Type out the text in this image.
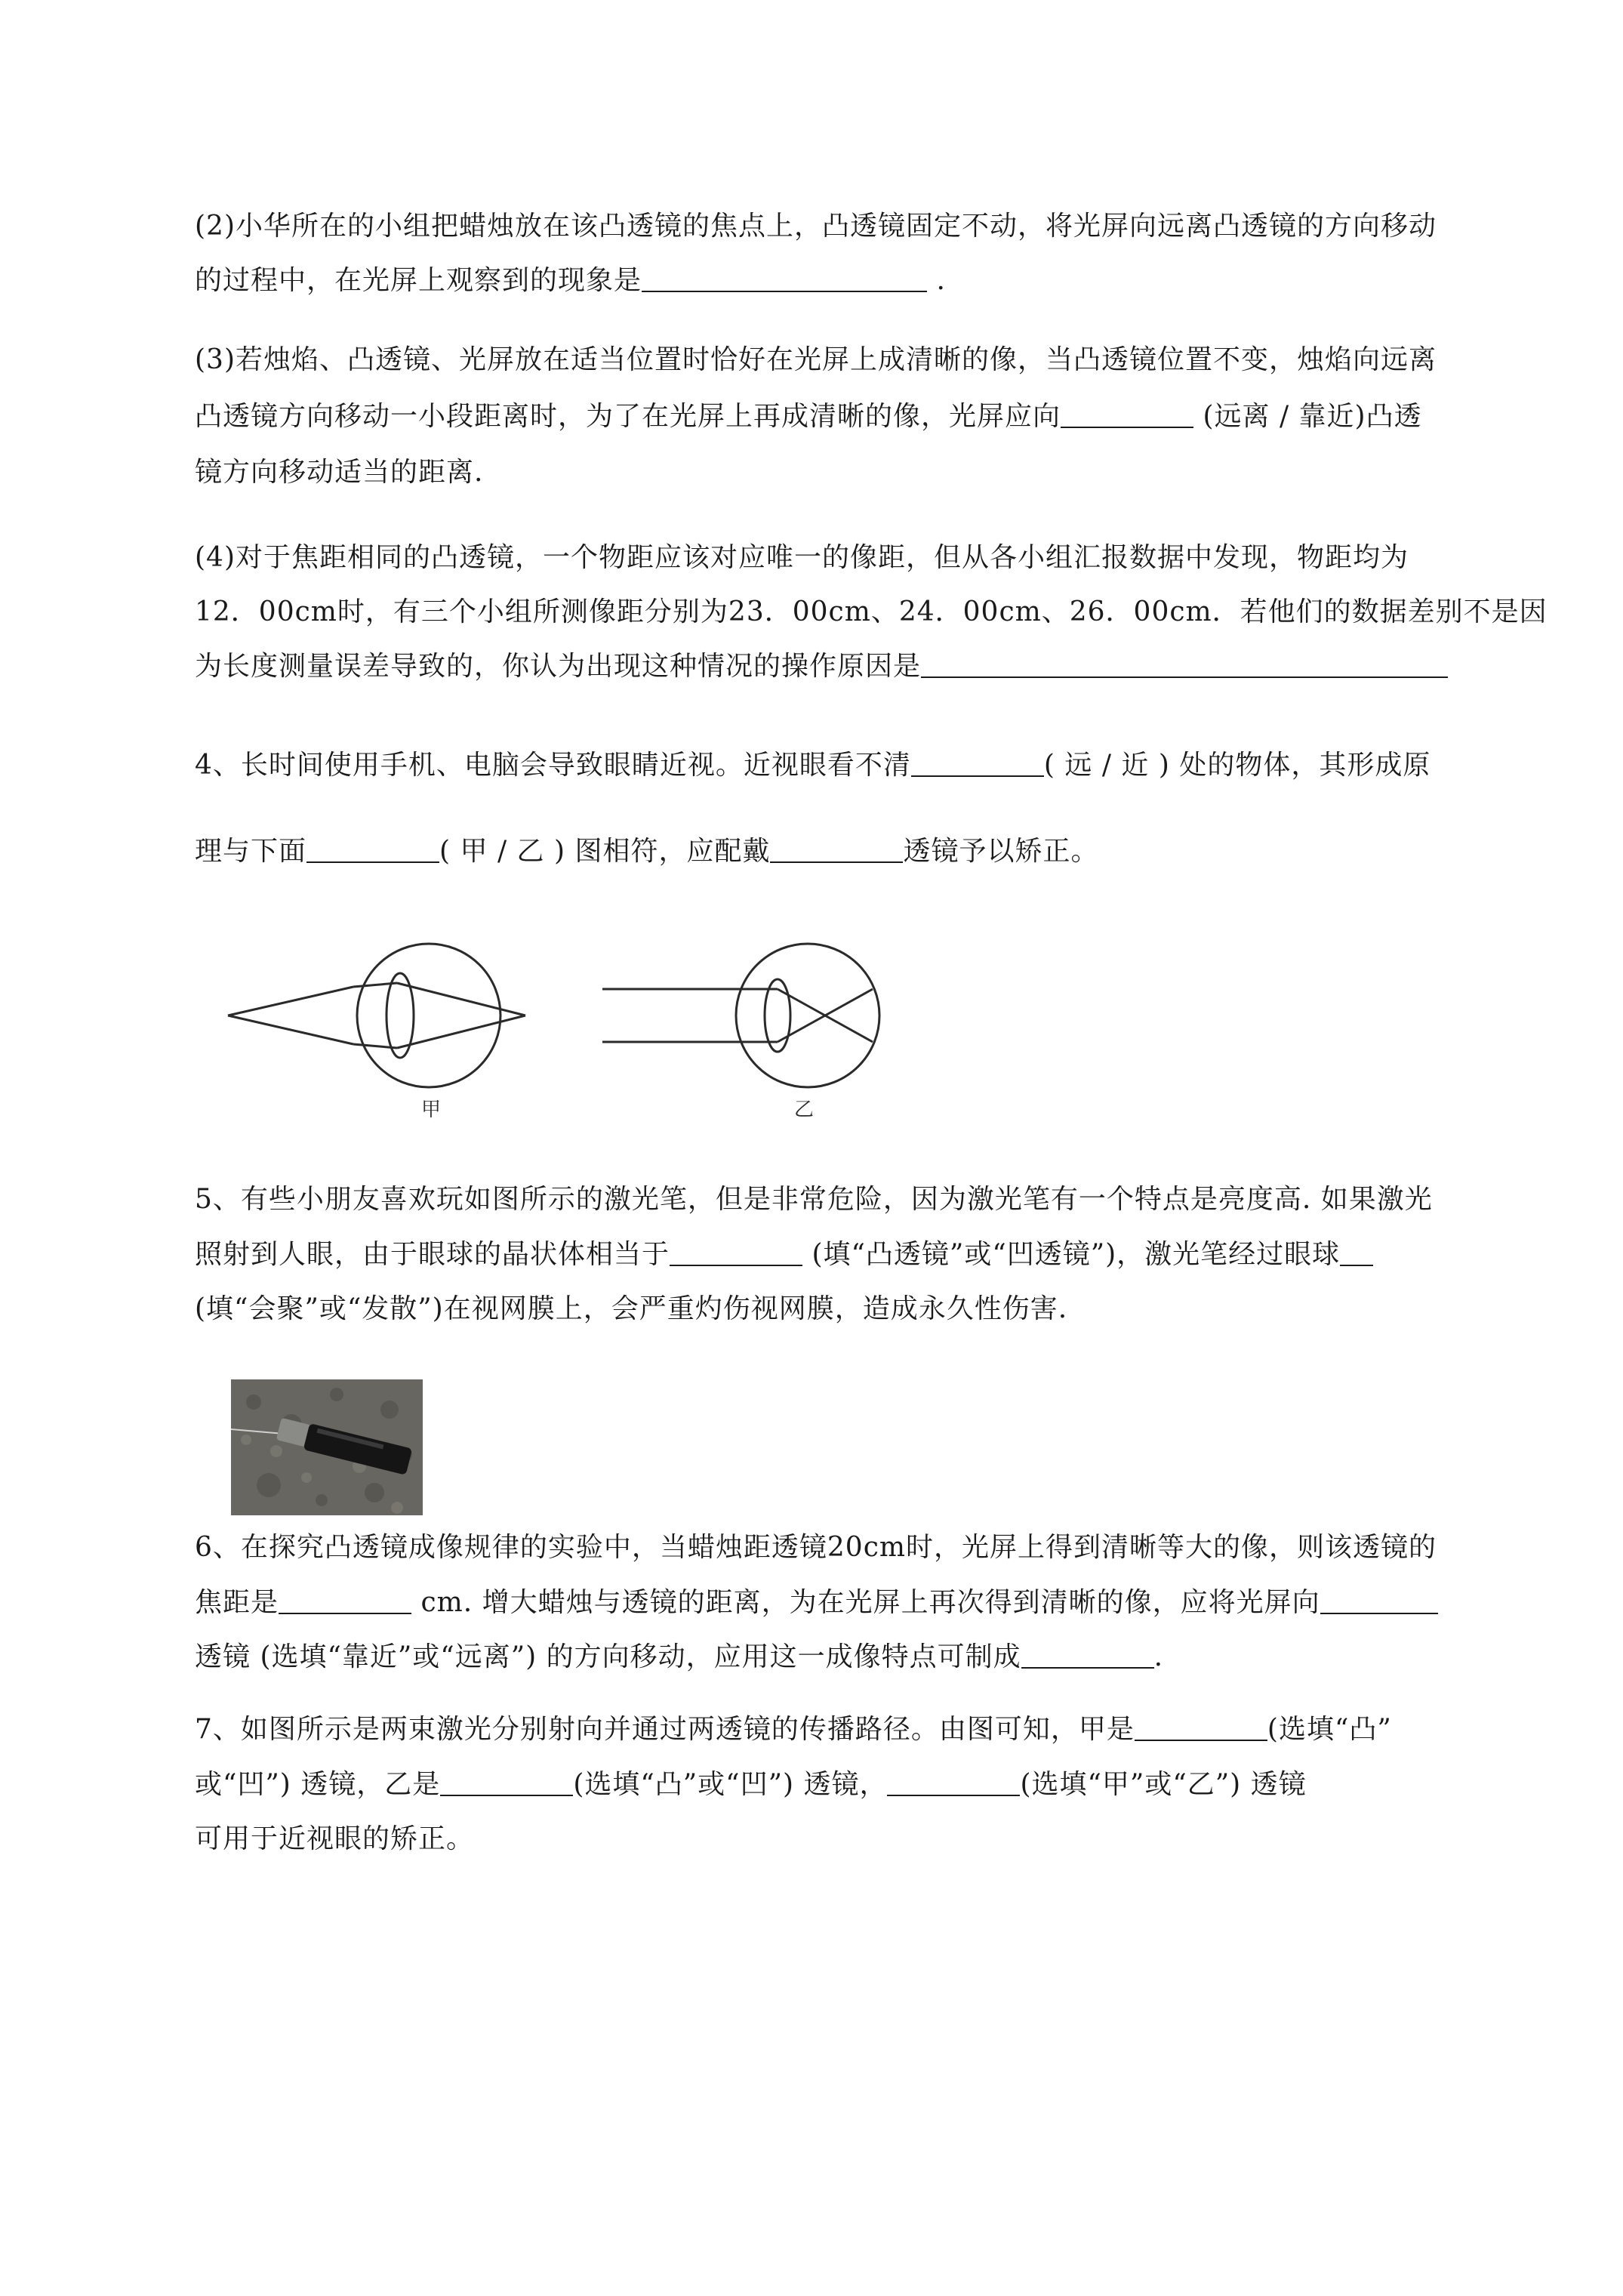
(2)小华所在的小组把蜡烛放在该凸透镜的焦点上，凸透镜固定不动，将光屏向远离凸透镜的方向移动
的过程中，在光屏上观察到的现象是	.
(3)若烛焰、凸透镜、光屏放在适当位置时恰好在光屏上成清晰的像，当凸透镜位置不变，烛焰向远离
凸透镜方向移动一小段距离时，为了在光屏上再成清晰的像，光屏应向	(远离 / 靠近)凸透
镜方向移动适当的距离.
(4)对于焦距相同的凸透镜，一个物距应该对应唯一的像距，但从各小组汇报数据中发现，物距均为
12．00cm时，有三个小组所测像距分别为23．00cm、24．00cm、26．00cm．若他们的数据差别不是因
为长度测量误差导致的，你认为出现这种情况的操作原因是
4、长时间使用手机、电脑会导致眼睛近视。近视眼看不清	( 远 / 近 ) 处的物体，其形成原
理与下面	( 甲 / 乙 ) 图相符，应配戴	透镜予以矫正。
甲	乙
5、有些小朋友喜欢玩如图所示的激光笔，但是非常危险，因为激光笔有一个特点是亮度高. 如果激光
照射到人眼，由于眼球的晶状体相当于	(填“凸透镜”或“凹透镜”)，激光笔经过眼球
(填“会聚”或“发散”)在视网膜上，会严重灼伤视网膜，造成永久性伤害.
6、在探究凸透镜成像规律的实验中，当蜡烛距透镜20cm时，光屏上得到清晰等大的像，则该透镜的
焦距是	cm. 增大蜡烛与透镜的距离，为在光屏上再次得到清晰的像，应将光屏向
透镜 (选填“靠近”或“远离”) 的方向移动，应用这一成像特点可制成	.
7、如图所示是两束激光分别射向并通过两透镜的传播路径。由图可知，甲是	(选填“凸”
或“凹”) 透镜，乙是	(选填“凸”或“凹”) 透镜，	(选填“甲”或“乙”) 透镜
可用于近视眼的矫正。
